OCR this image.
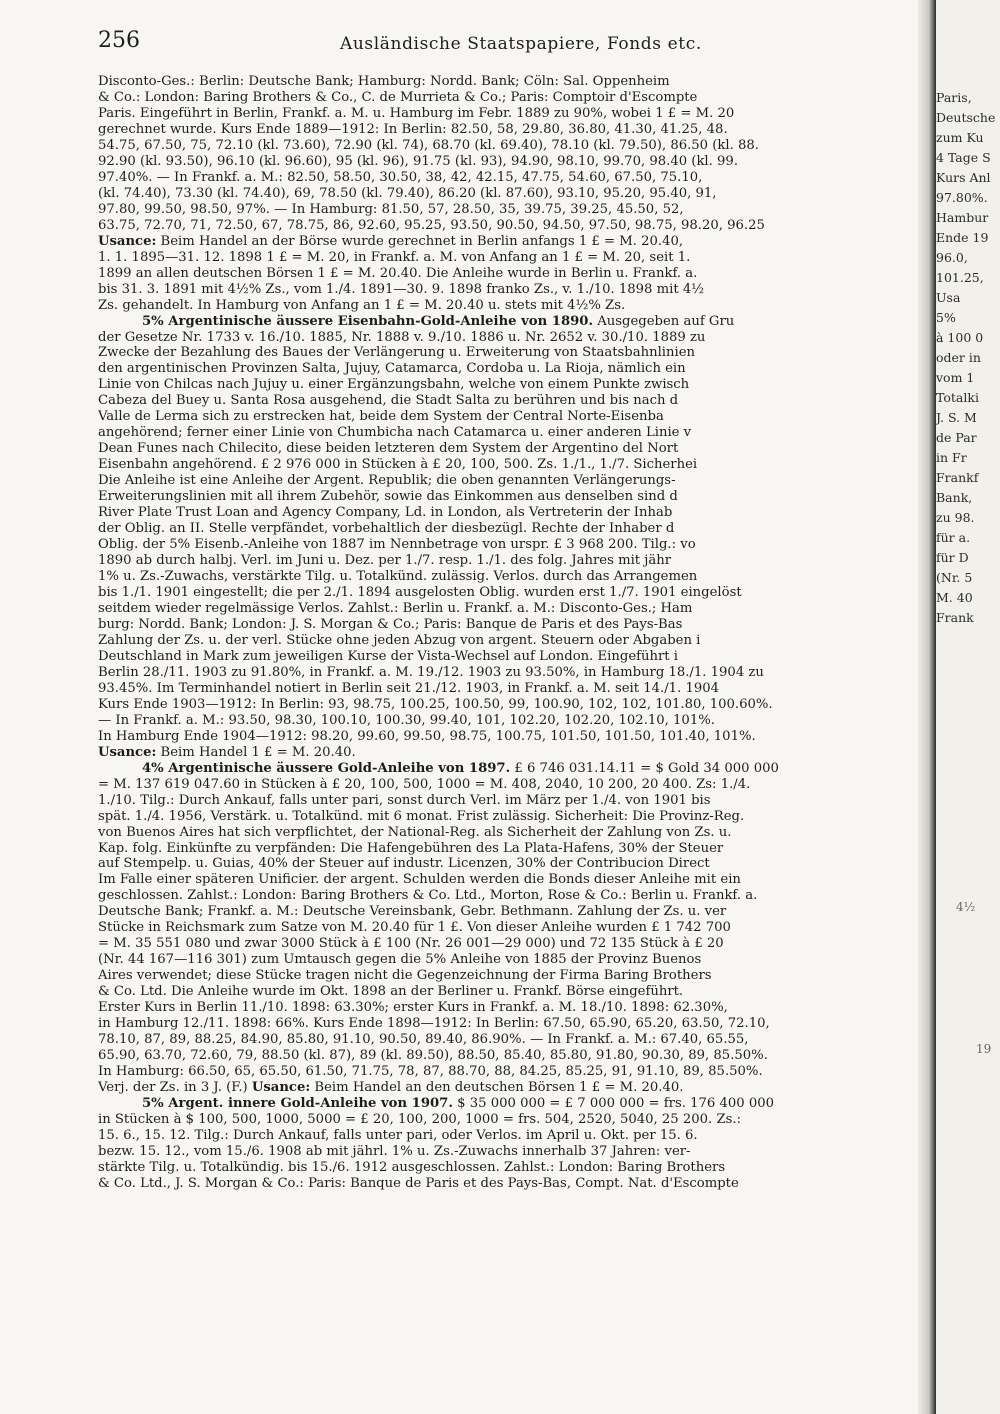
256	Ausländische Staatspapiere, Fonds etc.
Disconto-Ges.: Berlin: Deutsche Bank; Hamburg: Nordd. Bank; Cöln: Sal. Oppenheim
& Co.: London: Baring Brothers & Co., C. de Murrieta & Co.; Paris: Comptoir d'Escompte
Paris. Eingeführt in Berlin, Frankf. a. M. u. Hamburg im Febr. 1889 zu 90%, wobei 1 £ = M. 20
gerechnet wurde. Kurs Ende 1889—1912: In Berlin: 82.50, 58, 29.80, 36.80, 41.30, 41.25, 48.
54.75, 67.50, 75, 72.10 (kl. 73.60), 72.90 (kl. 74), 68.70 (kl. 69.40), 78.10 (kl. 79.50), 86.50 (kl. 88.
92.90 (kl. 93.50), 96.10 (kl. 96.60), 95 (kl. 96), 91.75 (kl. 93), 94.90, 98.10, 99.70, 98.40 (kl. 99.
97.40%. — In Frankf. a. M.: 82.50, 58.50, 30.50, 38, 42, 42.15, 47.75, 54.60, 67.50, 75.10,
(kl. 74.40), 73.30 (kl. 74.40), 69, 78.50 (kl. 79.40), 86.20 (kl. 87.60), 93.10, 95.20, 95.40, 91,
97.80, 99.50, 98.50, 97%. — In Hamburg: 81.50, 57, 28.50, 35, 39.75, 39.25, 45.50, 52,
63.75, 72.70, 71, 72.50, 67, 78.75, 86, 92.60, 95.25, 93.50, 90.50, 94.50, 97.50, 98.75, 98.20, 96.25
Usance: Beim Handel an der Börse wurde gerechnet in Berlin anfangs 1 £ = M. 20.40,
1. 1. 1895—31. 12. 1898 1 £ = M. 20, in Frankf. a. M. von Anfang an 1 £ = M. 20, seit 1.
1899 an allen deutschen Börsen 1 £ = M. 20.40. Die Anleihe wurde in Berlin u. Frankf. a.
bis 31. 3. 1891 mit 4½% Zs., vom 1./4. 1891—30. 9. 1898 franko Zs., v. 1./10. 1898 mit 4½
Zs. gehandelt. In Hamburg von Anfang an 1 £ = M. 20.40 u. stets mit 4½% Zs.
5% Argentinische äussere Eisenbahn-Gold-Anleihe von 1890. Ausgegeben auf Gru
der Gesetze Nr. 1733 v. 16./10. 1885, Nr. 1888 v. 9./10. 1886 u. Nr. 2652 v. 30./10. 1889 zu
Zwecke der Bezahlung des Baues der Verlängerung u. Erweiterung von Staatsbahnlinien
den argentinischen Provinzen Salta, Jujuy, Catamarca, Cordoba u. La Rioja, nämlich ein
Linie von Chilcas nach Jujuy u. einer Ergänzungsbahn, welche von einem Punkte zwisch
Cabeza del Buey u. Santa Rosa ausgehend, die Stadt Salta zu berühren und bis nach d
Valle de Lerma sich zu erstrecken hat, beide dem System der Central Norte-Eisenba
angehörend; ferner einer Linie von Chumbicha nach Catamarca u. einer anderen Linie v
Dean Funes nach Chilecito, diese beiden letzteren dem System der Argentino del Nort
Eisenbahn angehörend. £ 2 976 000 in Stücken à £ 20, 100, 500. Zs. 1./1., 1./7. Sicherhei
Die Anleihe ist eine Anleihe der Argent. Republik; die oben genannten Verlängerungs-
Erweiterungslinien mit all ihrem Zubehör, sowie das Einkommen aus denselben sind d
River Plate Trust Loan and Agency Company, Ld. in London, als Vertreterin der Inhab
der Oblig. an II. Stelle verpfändet, vorbehaltlich der diesbezügl. Rechte der Inhaber d
Oblig. der 5% Eisenb.-Anleihe von 1887 im Nennbetrage von urspr. £ 3 968 200. Tilg.: vo
1890 ab durch halbj. Verl. im Juni u. Dez. per 1./7. resp. 1./1. des folg. Jahres mit jähr
1% u. Zs.-Zuwachs, verstärkte Tilg. u. Totalkünd. zulässig. Verlos. durch das Arrangemen
bis 1./1. 1901 eingestellt; die per 2./1. 1894 ausgelosten Oblig. wurden erst 1./7. 1901 eingelöst
seitdem wieder regelmässige Verlos. Zahlst.: Berlin u. Frankf. a. M.: Disconto-Ges.; Ham
burg: Nordd. Bank; London: J. S. Morgan & Co.; Paris: Banque de Paris et des Pays-Bas
Zahlung der Zs. u. der verl. Stücke ohne jeden Abzug von argent. Steuern oder Abgaben i
Deutschland in Mark zum jeweiligen Kurse der Vista-Wechsel auf London. Eingeführt i
Berlin 28./11. 1903 zu 91.80%, in Frankf. a. M. 19./12. 1903 zu 93.50%, in Hamburg 18./1. 1904 zu
93.45%. Im Terminhandel notiert in Berlin seit 21./12. 1903, in Frankf. a. M. seit 14./1. 1904
Kurs Ende 1903—1912: In Berlin: 93, 98.75, 100.25, 100.50, 99, 100.90, 102, 102, 101.80, 100.60%.
— In Frankf. a. M.: 93.50, 98.30, 100.10, 100.30, 99.40, 101, 102.20, 102.20, 102.10, 101%.
In Hamburg Ende 1904—1912: 98.20, 99.60, 99.50, 98.75, 100.75, 101.50, 101.50, 101.40, 101%.
Usance: Beim Handel 1 £ = M. 20.40.
4% Argentinische äussere Gold-Anleihe von 1897. £ 6 746 031.14.11 = $ Gold 34 000 000
= M. 137 619 047.60 in Stücken à £ 20, 100, 500, 1000 = M. 408, 2040, 10 200, 20 400. Zs: 1./4.
1./10. Tilg.: Durch Ankauf, falls unter pari, sonst durch Verl. im März per 1./4. von 1901 bis
spät. 1./4. 1956, Verstärk. u. Totalkünd. mit 6 monat. Frist zulässig. Sicherheit: Die Provinz-Reg.
von Buenos Aires hat sich verpflichtet, der National-Reg. als Sicherheit der Zahlung von Zs. u.
Kap. folg. Einkünfte zu verpfänden: Die Hafengebühren des La Plata-Hafens, 30% der Steuer
auf Stempelp. u. Guias, 40% der Steuer auf industr. Licenzen, 30% der Contribucion Direct
Im Falle einer späteren Unificier. der argent. Schulden werden die Bonds dieser Anleihe mit ein
geschlossen. Zahlst.: London: Baring Brothers & Co. Ltd., Morton, Rose & Co.: Berlin u. Frankf. a.
Deutsche Bank; Frankf. a. M.: Deutsche Vereinsbank, Gebr. Bethmann. Zahlung der Zs. u. ver
Stücke in Reichsmark zum Satze von M. 20.40 für 1 £. Von dieser Anleihe wurden £ 1 742 700
= M. 35 551 080 und zwar 3000 Stück à £ 100 (Nr. 26 001—29 000) und 72 135 Stück à £ 20
(Nr. 44 167—116 301) zum Umtausch gegen die 5% Anleihe von 1885 der Provinz Buenos
Aires verwendet; diese Stücke tragen nicht die Gegenzeichnung der Firma Baring Brothers
& Co. Ltd. Die Anleihe wurde im Okt. 1898 an der Berliner u. Frankf. Börse eingeführt.
Erster Kurs in Berlin 11./10. 1898: 63.30%; erster Kurs in Frankf. a. M. 18./10. 1898: 62.30%,
in Hamburg 12./11. 1898: 66%. Kurs Ende 1898—1912: In Berlin: 67.50, 65.90, 65.20, 63.50, 72.10,
78.10, 87, 89, 88.25, 84.90, 85.80, 91.10, 90.50, 89.40, 86.90%. — In Frankf. a. M.: 67.40, 65.55,
65.90, 63.70, 72.60, 79, 88.50 (kl. 87), 89 (kl. 89.50), 88.50, 85.40, 85.80, 91.80, 90.30, 89, 85.50%.
In Hamburg: 66.50, 65, 65.50, 61.50, 71.75, 78, 87, 88.70, 88, 84.25, 85.25, 91, 91.10, 89, 85.50%.
Verj. der Zs. in 3 J. (F.) Usance: Beim Handel an den deutschen Börsen 1 £ = M. 20.40.
5% Argent. innere Gold-Anleihe von 1907. $ 35 000 000 = £ 7 000 000 = frs. 176 400 000
in Stücken à $ 100, 500, 1000, 5000 = £ 20, 100, 200, 1000 = frs. 504, 2520, 5040, 25 200. Zs.:
15. 6., 15. 12. Tilg.: Durch Ankauf, falls unter pari, oder Verlos. im April u. Okt. per 15. 6.
bezw. 15. 12., vom 15./6. 1908 ab mit jährl. 1% u. Zs.-Zuwachs innerhalb 37 Jahren: ver-
stärkte Tilg. u. Totalkündig. bis 15./6. 1912 ausgeschlossen. Zahlst.: London: Baring Brothers
& Co. Ltd., J. S. Morgan & Co.: Paris: Banque de Paris et des Pays-Bas, Compt. Nat. d'Escompte
Paris,
Deutsche
zum Ku
4 Tage S
Kurs Anl
97.80%.
Hambur
Ende 19
96.0,
101.25,
Usa
5%
à 100 0
oder in
vom 1
Totalki
J. S. M
de Par
in Fr
Frankf
Bank,
zu 98.
für a.
für D
(Nr. 5
M. 40
Frank
4½
19
